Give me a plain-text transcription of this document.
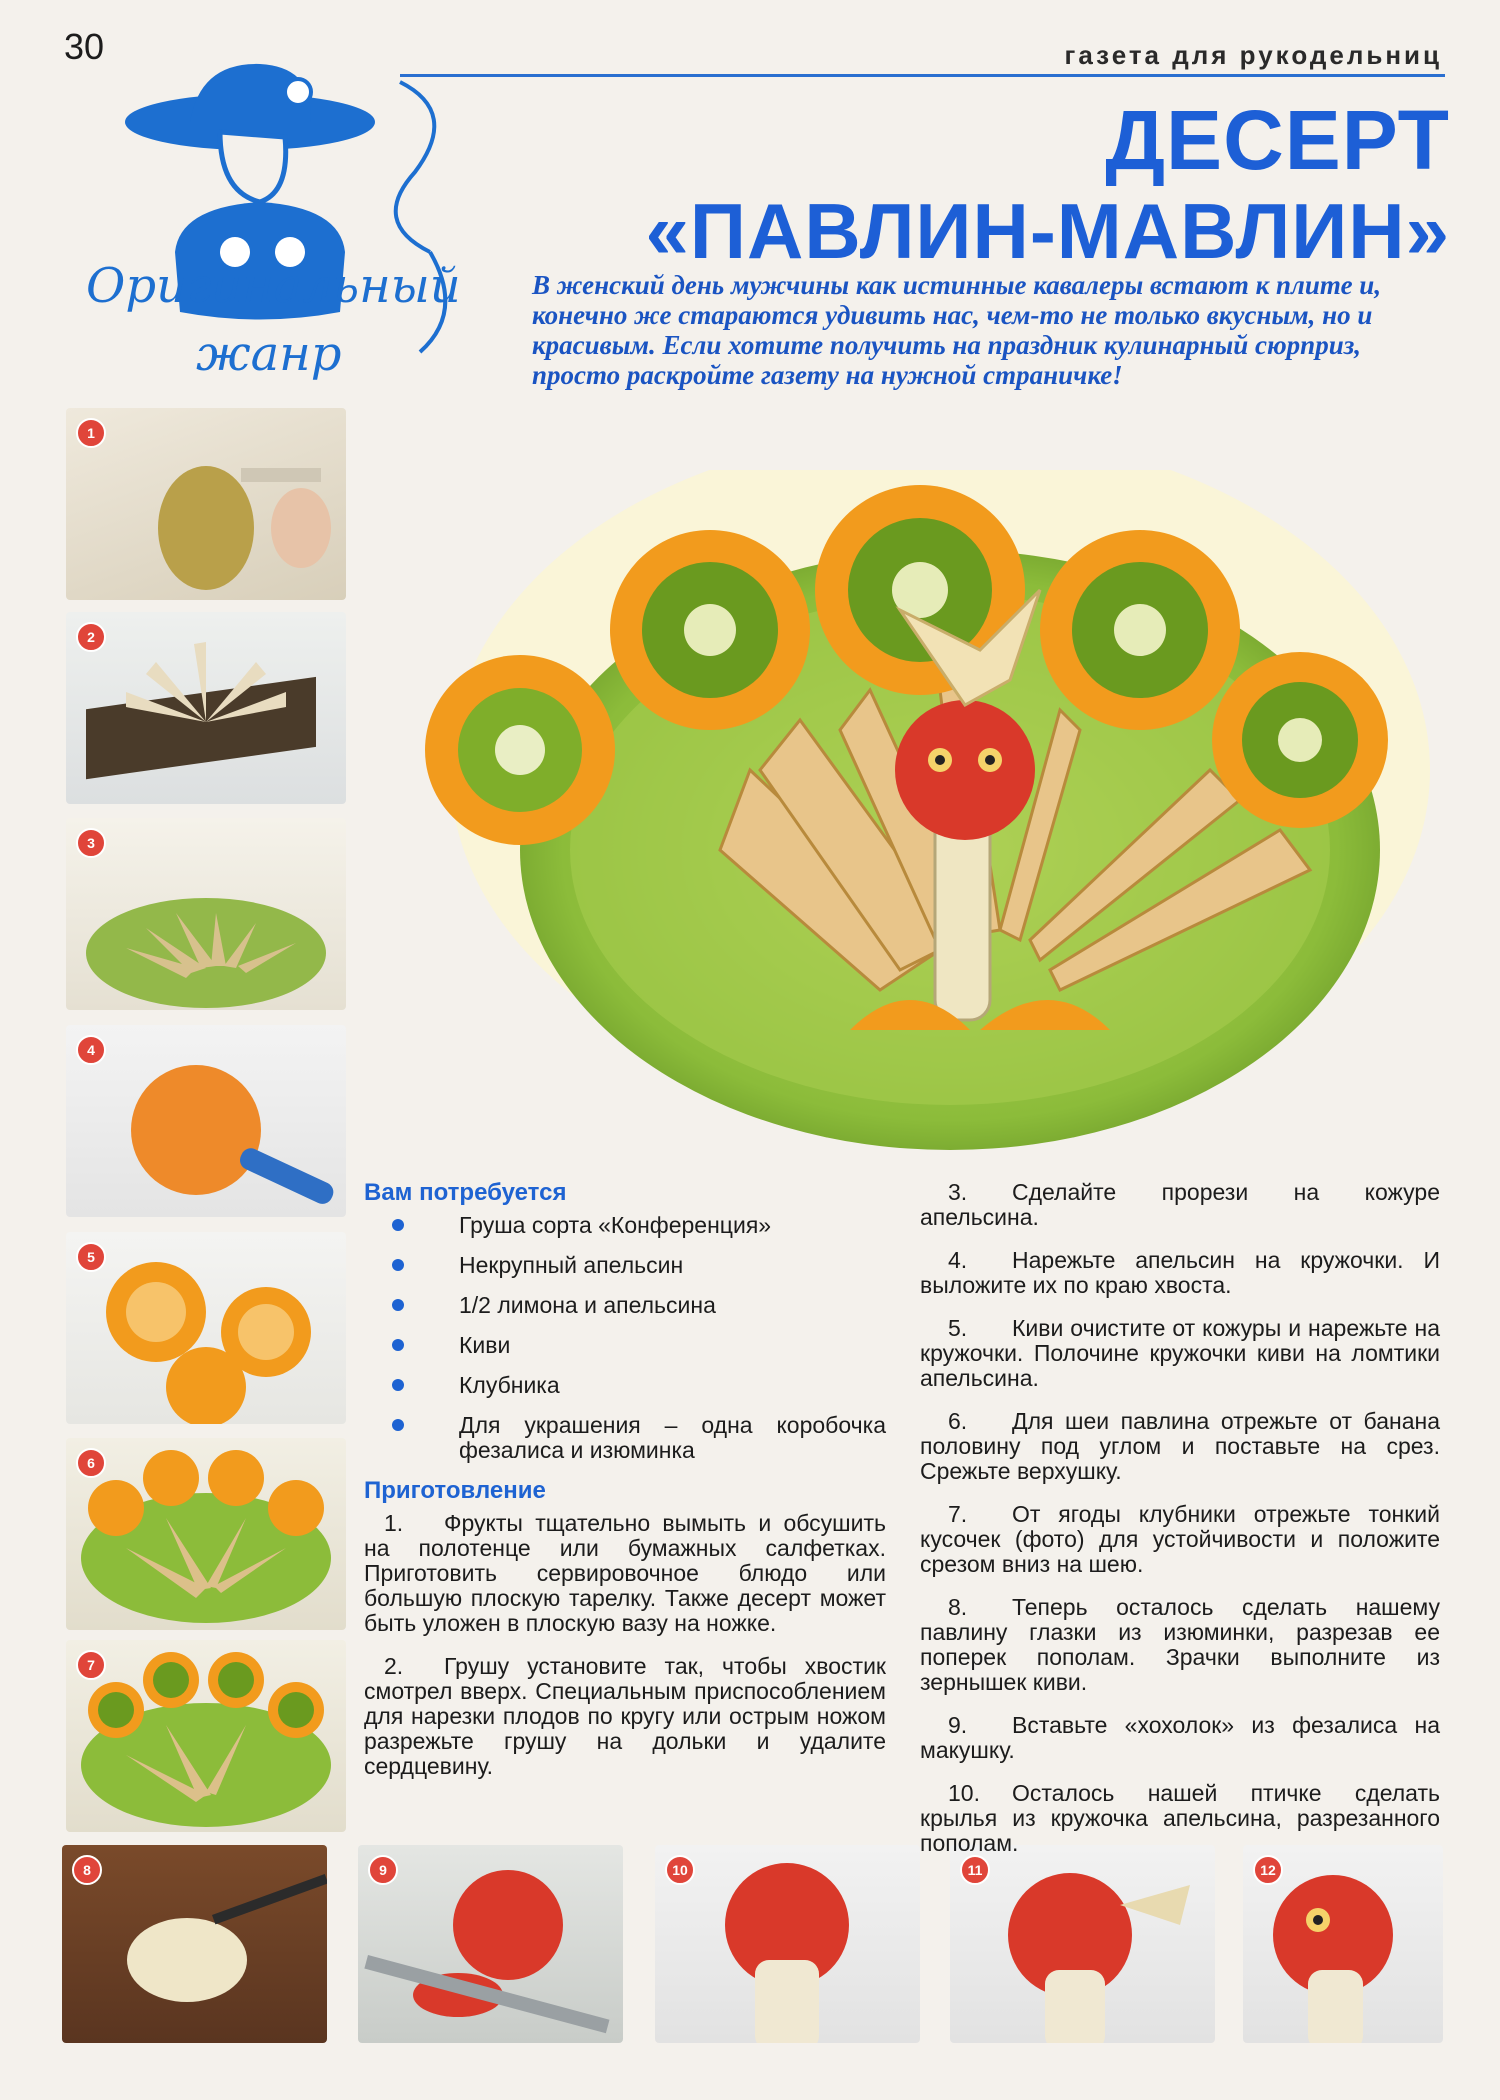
30	газета для рукодельниц
Оригинальный
жанр
ДЕСЕРТ
«ПАВЛИН-МАВЛИН»
В женский день мужчины как истинные кавалеры встают к плите и, конечно же стараются удивить нас, чем-то не только вкусным, но и красивым. Если хотите получить на праздник кулинарный сюрприз, просто раскройте газету на нужной страничке!
1
2
3
4
5
6
7
8	9	10	11	12
Вам потребуется
Груша сорта «Конференция»
Некрупный апельсин
1/2 лимона и апельсина
Киви
Клубника
Для украшения – одна коробочка фезалиса и изюминка
Приготовление
1. Фрукты тщательно вымыть и обсушить на полотенце или бумажных салфетках. Приготовить сервировочное блюдо или большую плоскую тарелку. Также десерт может быть уложен в плоскую вазу на ножке.
2. Грушу установите так, чтобы хвостик смотрел вверх. Специальным приспособлением для нарезки плодов по кругу или острым ножом разрежьте грушу на дольки и удалите сердцевину.
3. Сделайте прорези на кожуре апельсина.
4. Нарежьте апельсин на кружочки. И выложите их по краю хвоста.
5. Киви очистите от кожуры и нарежьте на кружочки. Полочине кружочки киви на ломтики апельсина.
6. Для шеи павлина отрежьте от банана половину под углом и поставьте на срез. Срежьте верхушку.
7. От ягоды клубники отрежьте тонкий кусочек (фото) для устойчивости и положите срезом вниз на шею.
8. Теперь осталось сделать нашему павлину глазки из изюминки, разрезав ее поперек пополам. Зрачки выполните из зернышек киви.
9. Вставьте «хохолок» из фезалиса на макушку.
10. Осталось нашей птичке сделать крылья из кружочка апельсина, разрезанного пополам.
